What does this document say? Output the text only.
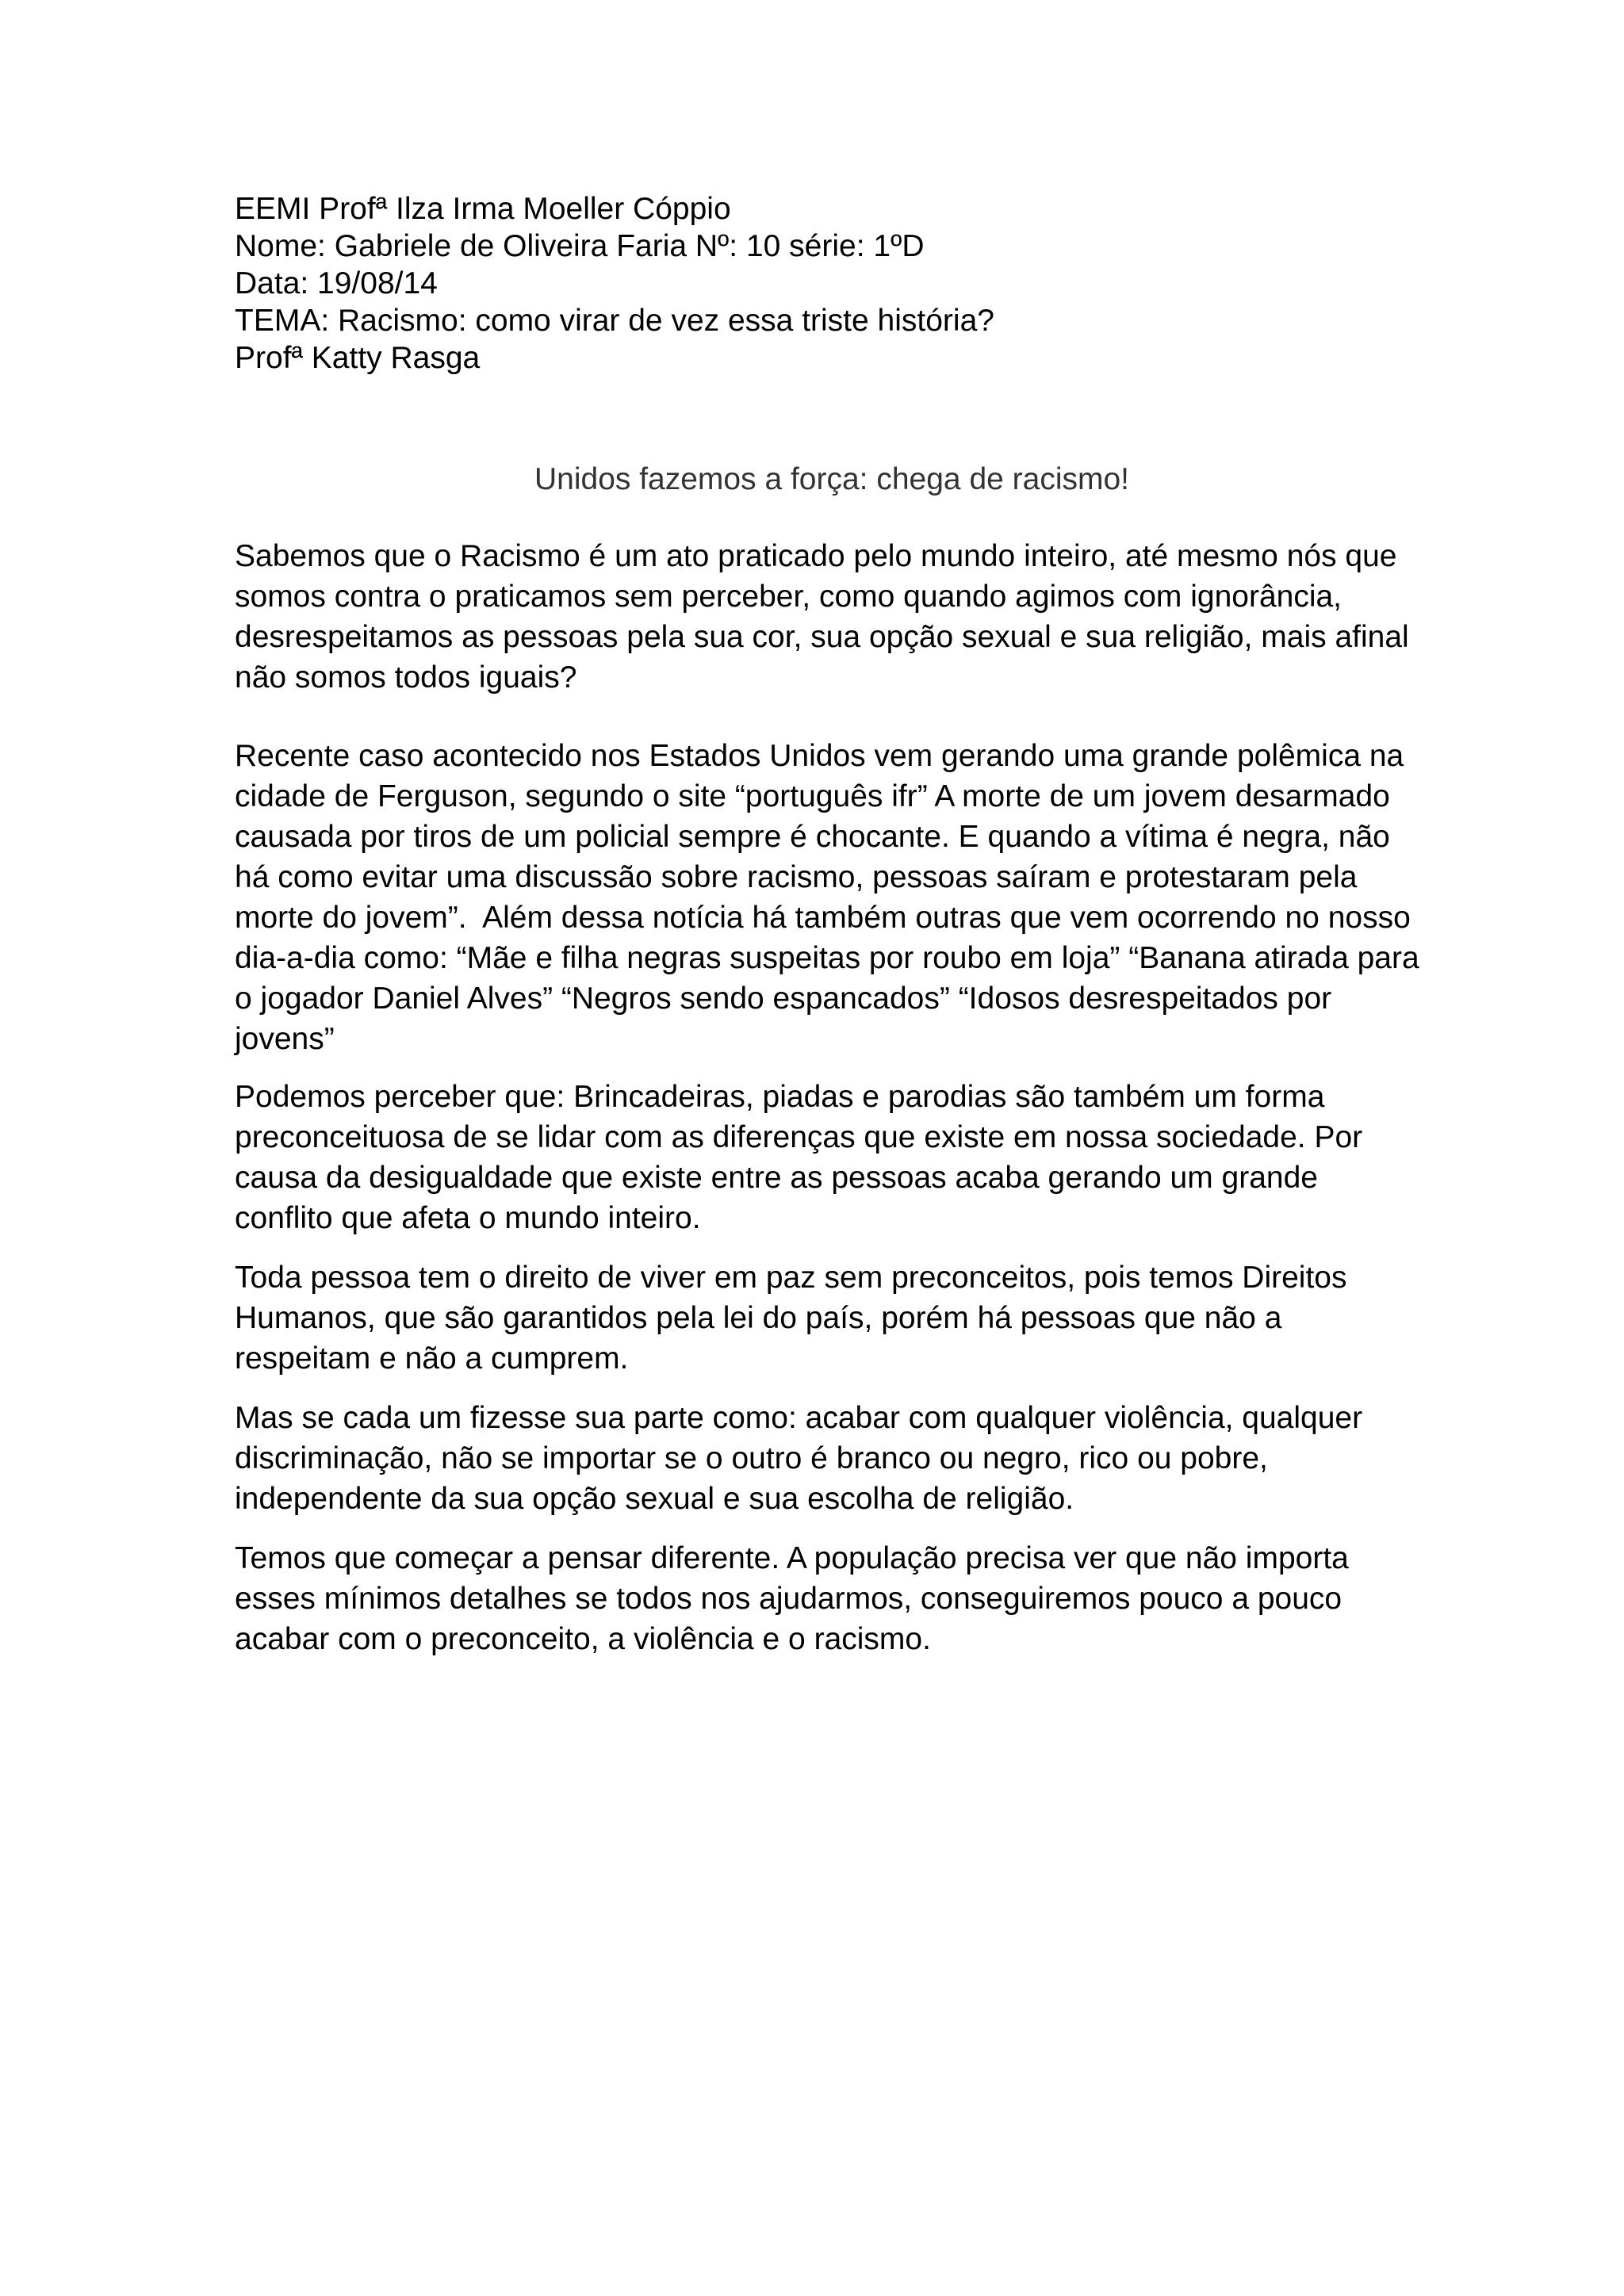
EEMI Profª Ilza Irma Moeller Cóppio
Nome: Gabriele de Oliveira Faria Nº: 10 série: 1ºD
Data: 19/08/14
TEMA: Racismo: como virar de vez essa triste história?
Profª Katty Rasga
Unidos fazemos a força: chega de racismo!

Sabemos que o Racismo é um ato praticado pelo mundo inteiro, até mesmo nós que somos contra o praticamos sem perceber, como quando agimos com ignorância, desrespeitamos as pessoas pela sua cor, sua opção sexual e sua religião, mais afinal não somos todos iguais?

Recente caso acontecido nos Estados Unidos vem gerando uma grande polêmica na cidade de Ferguson, segundo o site “português ifr” A morte de um jovem desarmado causada por tiros de um policial sempre é chocante. E quando a vítima é negra, não há como evitar uma discussão sobre racismo, pessoas saíram e protestaram pela morte do jovem”.  Além dessa notícia há também outras que vem ocorrendo no nosso dia-a-dia como: “Mãe e filha negras suspeitas por roubo em loja” “Banana atirada para o jogador Daniel Alves” “Negros sendo espancados” “Idosos desrespeitados por jovens”

Podemos perceber que: Brincadeiras, piadas e parodias são também um forma preconceituosa de se lidar com as diferenças que existe em nossa sociedade. Por causa da desigualdade que existe entre as pessoas acaba gerando um grande conflito que afeta o mundo inteiro.

Toda pessoa tem o direito de viver em paz sem preconceitos, pois temos Direitos Humanos, que são garantidos pela lei do país, porém há pessoas que não a respeitam e não a cumprem.

Mas se cada um fizesse sua parte como: acabar com qualquer violência, qualquer discriminação, não se importar se o outro é branco ou negro, rico ou pobre, independente da sua opção sexual e sua escolha de religião.

Temos que começar a pensar diferente. A população precisa ver que não importa esses mínimos detalhes se todos nos ajudarmos, conseguiremos pouco a pouco acabar com o preconceito, a violência e o racismo.
